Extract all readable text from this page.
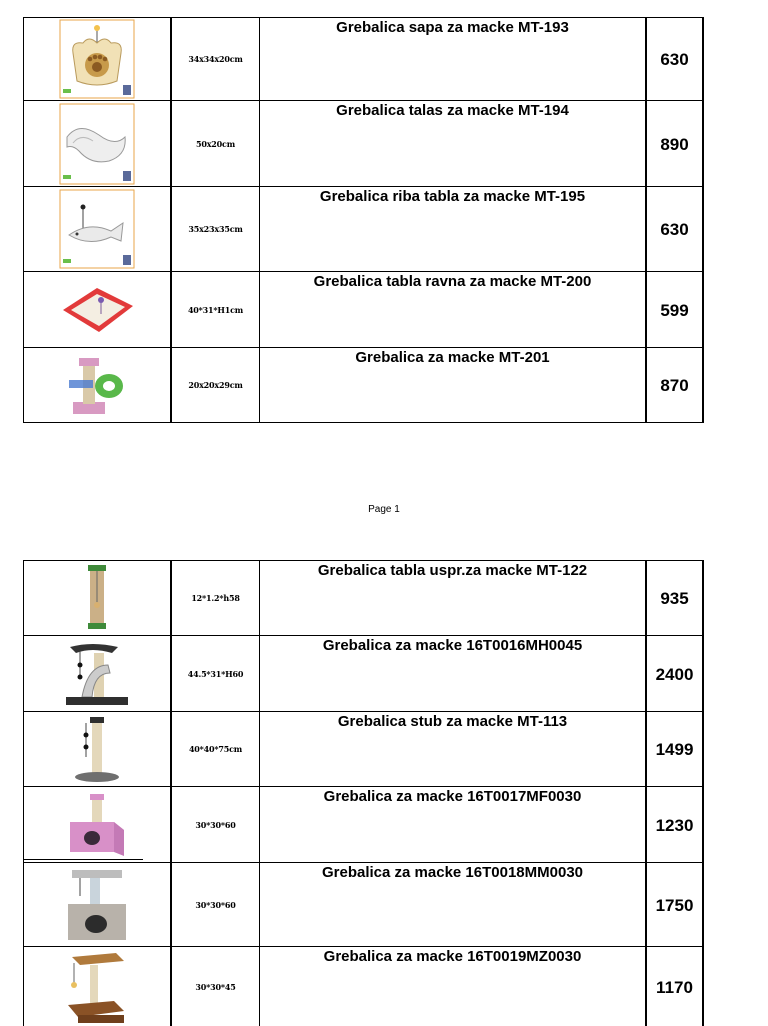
34x34x20cm
Grebalica sapa za macke MT-193
630
50x20cm
Grebalica talas za macke MT-194
890
35x23x35cm
Grebalica riba tabla za macke MT-195
630
40*31*H1cm
Grebalica tabla ravna za macke MT-200
599
20x20x29cm
Grebalica za macke MT-201
870
Page 1
12*1.2*h58
Grebalica tabla uspr.za macke MT-122
935
44.5*31*H60
Grebalica za macke 16T0016MH0045
2400
40*40*75cm
Grebalica stub za macke MT-113
1499
30*30*60
Grebalica za macke 16T0017MF0030
1230
30*30*60
Grebalica za macke 16T0018MM0030
1750
30*30*45
Grebalica za macke 16T0019MZ0030
1170
